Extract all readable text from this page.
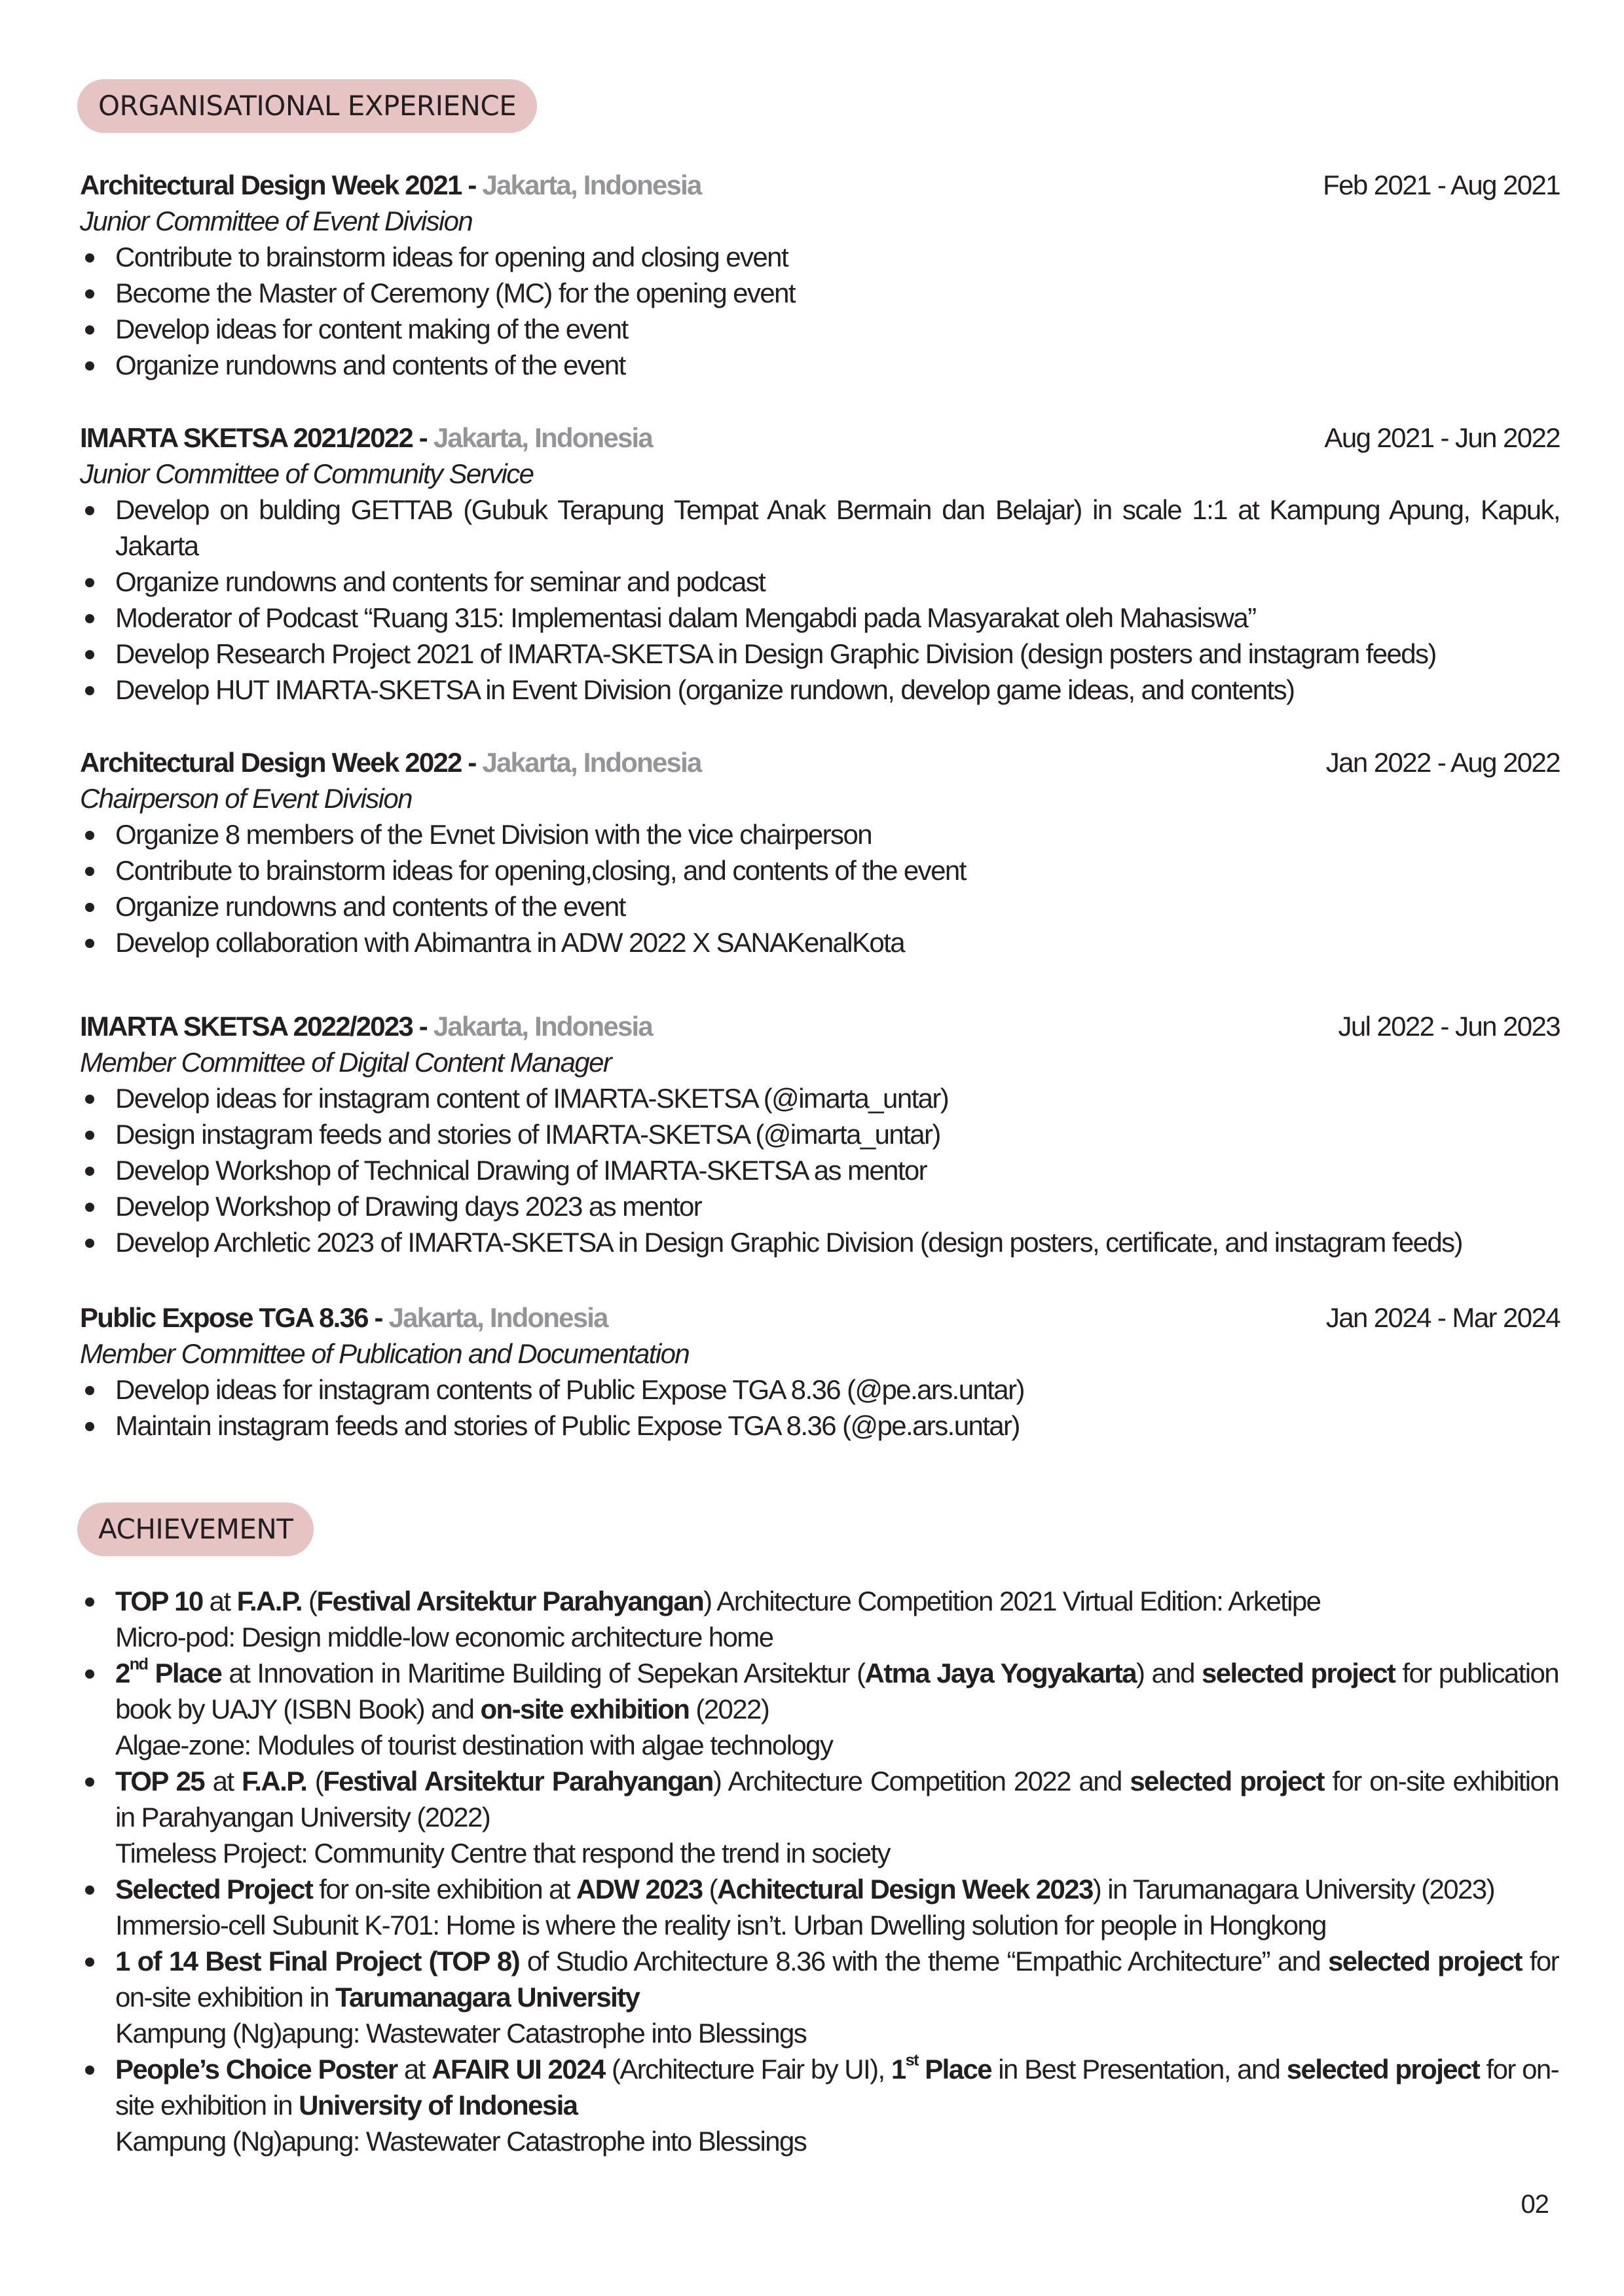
ORGANISATIONAL EXPERIENCE
Architectural Design Week 2021 - Jakarta, Indonesia	Feb 2021 - Aug 2021
Junior Committee of Event Division
Contribute to brainstorm ideas for opening and closing event
Become the Master of Ceremony (MC) for the opening event
Develop ideas for content making of the event
Organize rundowns and contents of the event
IMARTA SKETSA 2021/2022 - Jakarta, Indonesia	Aug 2021 - Jun 2022
Junior Committee of Community Service
Develop on bulding GETTAB (Gubuk Terapung Tempat Anak Bermain dan Belajar) in scale 1:1 at Kampung Apung, Kapuk, Jakarta
Organize rundowns and contents for seminar and podcast
Moderator of Podcast “Ruang 315: Implementasi dalam Mengabdi pada Masyarakat oleh Mahasiswa”
Develop Research Project 2021 of IMARTA-SKETSA in Design Graphic Division (design posters and instagram feeds)
Develop HUT IMARTA-SKETSA in Event Division (organize rundown, develop game ideas, and contents)
Architectural Design Week 2022 - Jakarta, Indonesia	Jan 2022 - Aug 2022
Chairperson of Event Division
Organize 8 members of the Evnet Division with the vice chairperson
Contribute to brainstorm ideas for opening,closing, and contents of the event
Organize rundowns and contents of the event
Develop collaboration with Abimantra in ADW 2022 X SANAKenalKota
IMARTA SKETSA 2022/2023 - Jakarta, Indonesia	Jul 2022 - Jun 2023
Member Committee of Digital Content Manager
Develop ideas for instagram content of IMARTA-SKETSA (@imarta_untar)
Design instagram feeds and stories of IMARTA-SKETSA (@imarta_untar)
Develop Workshop of Technical Drawing of IMARTA-SKETSA as mentor
Develop Workshop of Drawing days 2023 as mentor
Develop Archletic 2023 of IMARTA-SKETSA in Design Graphic Division (design posters, certificate, and instagram feeds)
Public Expose TGA 8.36 - Jakarta, Indonesia	Jan 2024 - Mar 2024
Member Committee of Publication and Documentation
Develop ideas for instagram contents of Public Expose TGA 8.36 (@pe.ars.untar)
Maintain instagram feeds and stories of Public Expose TGA 8.36 (@pe.ars.untar)
ACHIEVEMENT
TOP 10 at F.A.P. (Festival Arsitektur Parahyangan) Architecture Competition 2021 Virtual Edition: Arketipe
Micro-pod: Design middle-low economic architecture home
2nd Place at Innovation in Maritime Building of Sepekan Arsitektur (Atma Jaya Yogyakarta) and selected project for publication book by UAJY (ISBN Book) and on-site exhibition (2022)
Algae-zone: Modules of tourist destination with algae technology
TOP 25 at F.A.P. (Festival Arsitektur Parahyangan) Architecture Competition 2022 and selected project for on-site exhibition in Parahyangan University (2022)
Timeless Project: Community Centre that respond the trend in society
Selected Project for on-site exhibition at ADW 2023 (Achitectural Design Week 2023) in Tarumanagara University (2023)
Immersio-cell Subunit K-701: Home is where the reality isn’t. Urban Dwelling solution for people in Hongkong
1 of 14 Best Final Project (TOP 8) of Studio Architecture 8.36 with the theme “Empathic Architecture” and selected project for on-site exhibition in Tarumanagara University
Kampung (Ng)apung: Wastewater Catastrophe into Blessings
People’s Choice Poster at AFAIR UI 2024 (Architecture Fair by UI), 1st Place in Best Presentation, and selected project for on-site exhibition in University of Indonesia
Kampung (Ng)apung: Wastewater Catastrophe into Blessings
02
